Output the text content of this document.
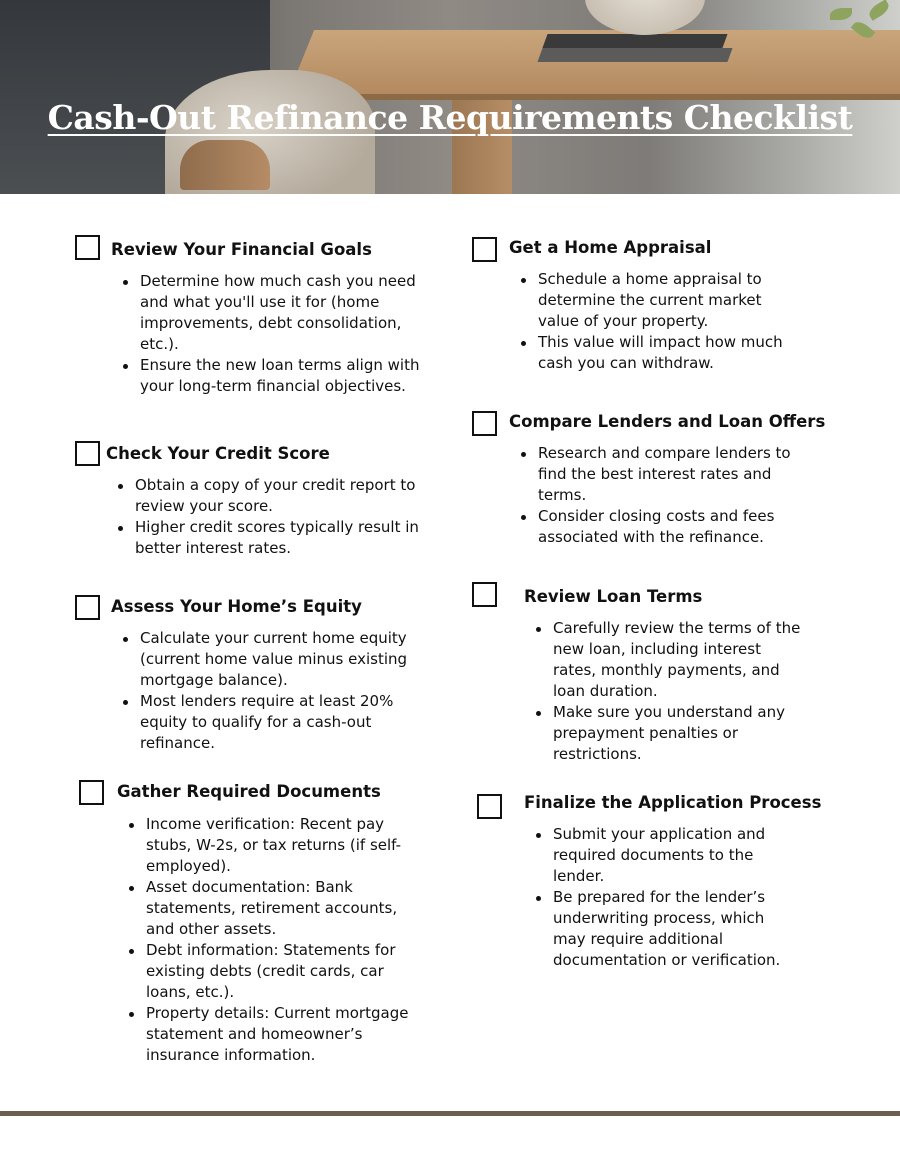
Cash-Out Refinance Requirements Checklist
Review Your Financial Goals
Determine how much cash you need and what you'll use it for (home improvements, debt consolidation, etc.).
Ensure the new loan terms align with your long-term financial objectives.
Check Your Credit Score
Obtain a copy of your credit report to review your score.
Higher credit scores typically result in better interest rates.
Assess Your Home’s Equity
Calculate your current home equity (current home value minus existing mortgage balance).
Most lenders require at least 20% equity to qualify for a cash-out refinance.
Gather Required Documents
Income verification: Recent pay stubs, W-2s, or tax returns (if self-employed).
Asset documentation: Bank statements, retirement accounts, and other assets.
Debt information: Statements for existing debts (credit cards, car loans, etc.).
Property details: Current mortgage statement and homeowner’s insurance information.
Get a Home Appraisal
Schedule a home appraisal to determine the current market value of your property.
This value will impact how much cash you can withdraw.
Compare Lenders and Loan Offers
Research and compare lenders to find the best interest rates and terms.
Consider closing costs and fees associated with the refinance.
Review Loan Terms
Carefully review the terms of the new loan, including interest rates, monthly payments, and loan duration.
Make sure you understand any prepayment penalties or restrictions.
Finalize the Application Process
Submit your application and required documents to the lender.
Be prepared for the lender’s underwriting process, which may require additional documentation or verification.
